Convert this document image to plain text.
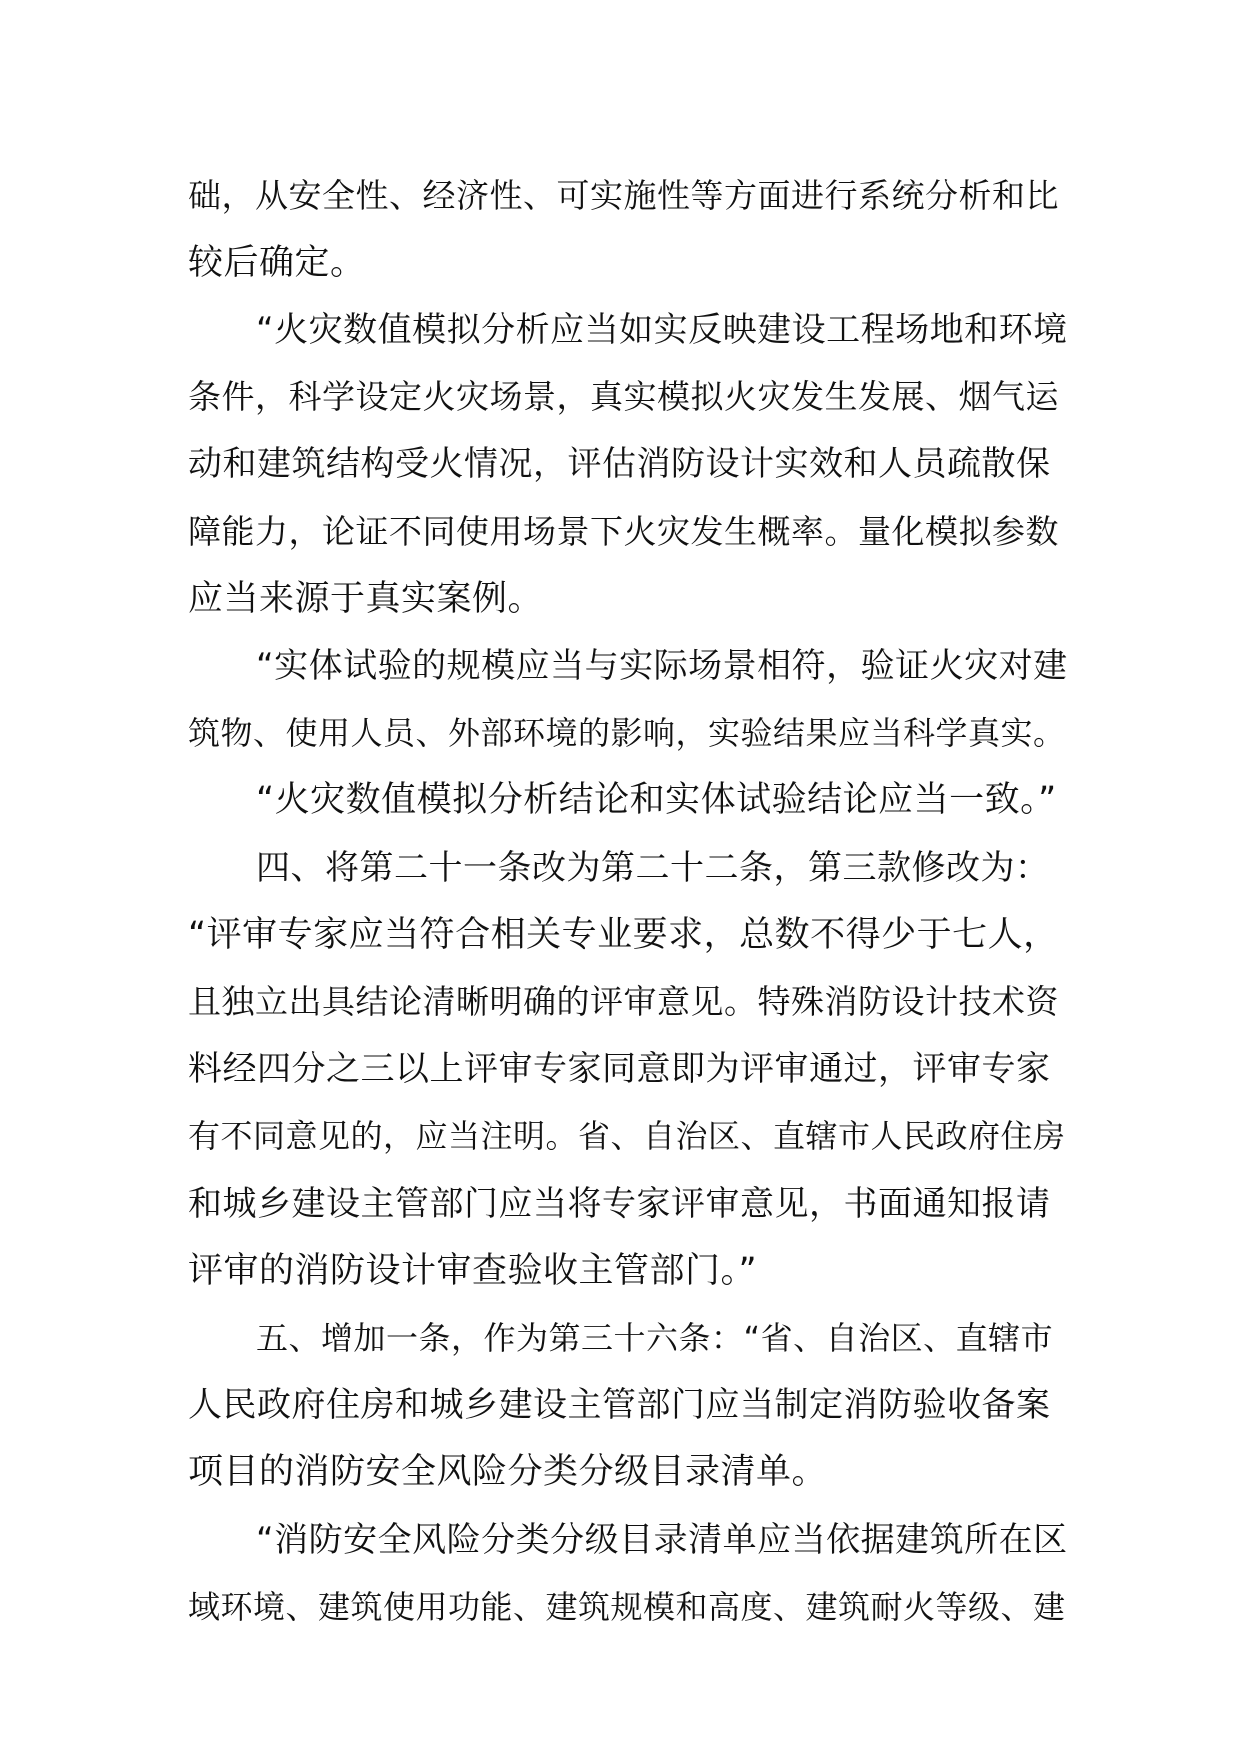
础，从安全性、经济性、可实施性等方面进行系统分析和比
较后确定。
“火灾数值模拟分析应当如实反映建设工程场地和环境
条件，科学设定火灾场景，真实模拟火灾发生发展、烟气运
动和建筑结构受火情况，评估消防设计实效和人员疏散保
障能力，论证不同使用场景下火灾发生概率。量化模拟参数
应当来源于真实案例。
“实体试验的规模应当与实际场景相符，验证火灾对建
筑物、使用人员、外部环境的影响，实验结果应当科学真实。
“火灾数值模拟分析结论和实体试验结论应当一致。”
四、将第二十一条改为第二十二条，第三款修改为：
“评审专家应当符合相关专业要求，总数不得少于七人，
且独立出具结论清晰明确的评审意见。特殊消防设计技术资
料经四分之三以上评审专家同意即为评审通过，评审专家
有不同意见的，应当注明。省、自治区、直辖市人民政府住房
和城乡建设主管部门应当将专家评审意见，书面通知报请
评审的消防设计审查验收主管部门。”
五、增加一条，作为第三十六条：“省、自治区、直辖市
人民政府住房和城乡建设主管部门应当制定消防验收备案
项目的消防安全风险分类分级目录清单。
“消防安全风险分类分级目录清单应当依据建筑所在区
域环境、建筑使用功能、建筑规模和高度、建筑耐火等级、建
